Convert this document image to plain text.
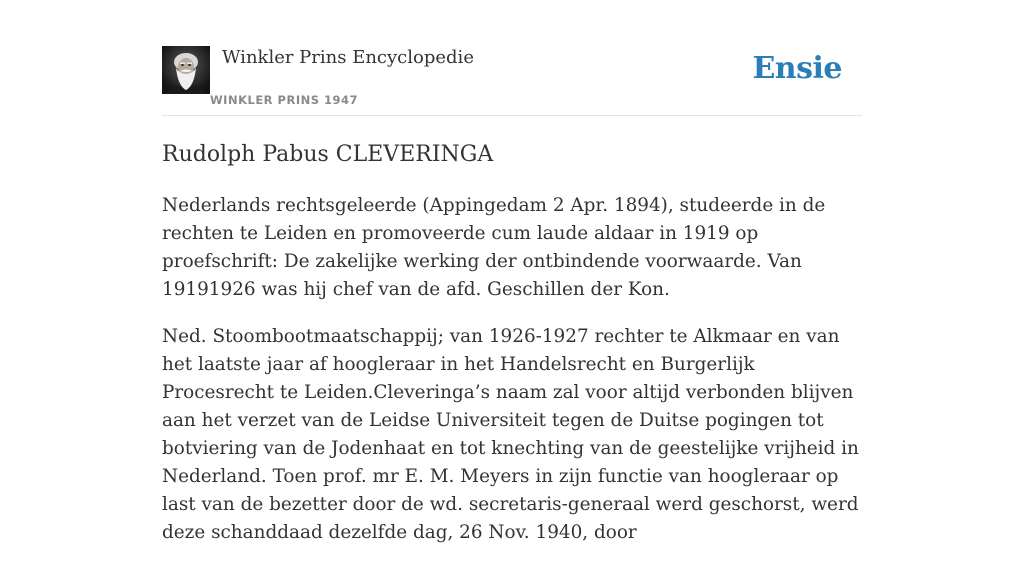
Winkler Prins Encyclopedie
WINKLER PRINS 1947
Ensie
Rudolph Pabus CLEVERINGA

Nederlands rechtsgeleerde (Appingedam 2 Apr. 1894), studeerde in de rechten te Leiden en promoveerde cum laude aldaar in 1919 op proefschrift: De zakelijke werking der ontbindende voorwaarde. Van 19191926 was hij chef van de afd. Geschillen der Kon.

Ned. Stoombootmaatschappij; van 1926-1927 rechter te Alkmaar en van het laatste jaar af hoogleraar in het Handelsrecht en Burgerlijk Procesrecht te Leiden.Cleveringa’s naam zal voor altijd verbonden blijven aan het verzet van de Leidse Universiteit tegen de Duitse pogingen tot botviering van de Jodenhaat en tot knechting van de geestelijke vrijheid in Nederland. Toen prof. mr E. M. Meyers in zijn functie van hoogleraar op last van de bezetter door de wd. secretaris-generaal werd geschorst, werd deze schanddaad dezelfde dag, 26 Nov. 1940, door
